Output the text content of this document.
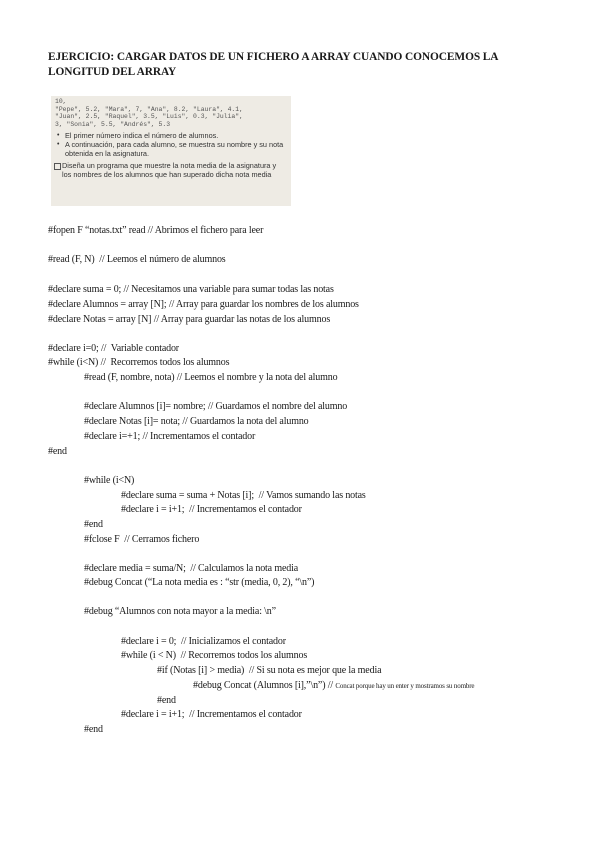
EJERCICIO: CARGAR DATOS DE UN FICHERO A ARRAY CUANDO CONOCEMOS LA LONGITUD DEL ARRAY
10,
"Pepe", 5.2, "Mara", 7, "Ana", 8.2, "Laura", 4.1,
"Juan", 2.5, "Raquel", 3.5, "Luis", 0.3, "Julia",
3, "Sonia", 5.5, "Andrés", 5.3
• El primer número indica el número de alumnos.
• A continuación, para cada alumno, se muestra su nombre y su nota obtenida en la asignatura.
Diseña un programa que muestre la nota media de la asignatura y los nombres de los alumnos que han superado dicha nota media
#fopen F “notas.txt” read // Abrimos el fichero para leer
#read (F, N)  // Leemos el número de alumnos
#declare suma = 0; // Necesitamos una variable para sumar todas las notas
#declare Alumnos = array [N]; // Array para guardar los nombres de los alumnos
#declare Notas = array [N] // Array para guardar las notas de los alumnos
#declare i=0; //  Variable contador
#while (i<N) //  Recorremos todos los alumnos
#read (F, nombre, nota) // Leemos el nombre y la nota del alumno
#declare Alumnos [i]= nombre; // Guardamos el nombre del alumno
#declare Notas [i]= nota; // Guardamos la nota del alumno
#declare i=+1; // Incrementamos el contador
#end
#while (i<N)
#declare suma = suma + Notas [i];  // Vamos sumando las notas
#declare i = i+1;  // Incrementamos el contador
#end
#fclose F  // Cerramos fichero
#declare media = suma/N;  // Calculamos la nota media
#debug Concat (“La nota media es : “str (media, 0, 2), “\n”)
#debug “Alumnos con nota mayor a la media: \n”
#declare i = 0;  // Inicializamos el contador
#while (i < N)  // Recorremos todos los alumnos
#if (Notas [i] > media)  // Si su nota es mejor que la media
#debug Concat (Alumnos [i],”\n”) // Concat porque hay un enter y mostramos su nombre
#end
#declare i = i+1;  // Incrementamos el contador
#end
